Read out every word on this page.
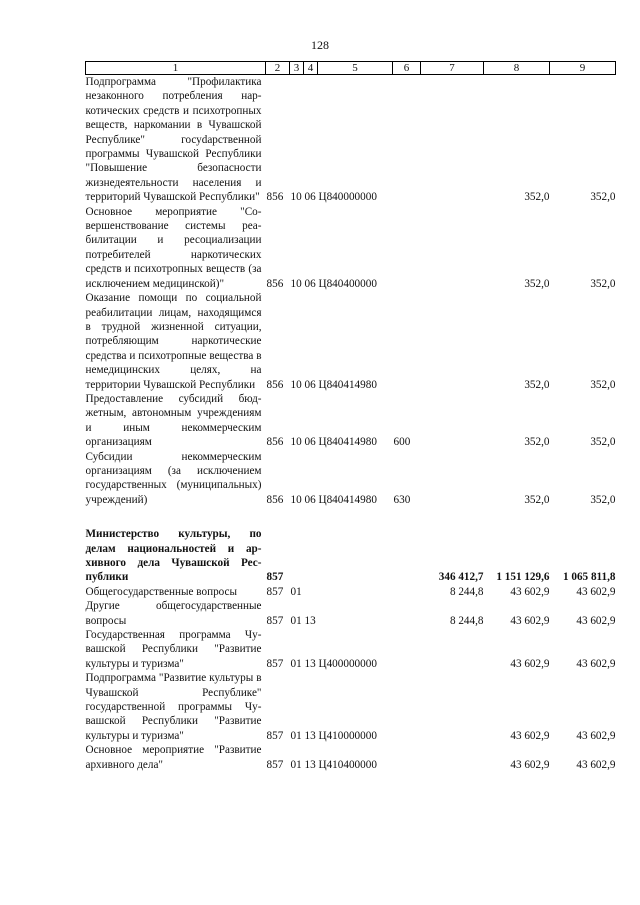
128
1	2	3	4	5	6	7	8	9
Подпрограмма "Профилактика незаконного потребления наркотических средств и психотропных веществ, наркомании в Чувашской Республике" госуdарственной программы Чувашской Республики "Повышение безопасности жизнедеятельности населения и территорий Чувашской Республики"	856	10	06	Ц840000000			352,0	352,0
Основное мероприятие "Совершенствование системы реабилитации и ресоциализации потребителей наркотических средств и психотропных веществ (за исключением медицинской)"	856	10	06	Ц840400000			352,0	352,0
Оказание помощи по социальной реабилитации лицам, находящимся в трудной жизненной ситуации, потребляющим наркотические средства и психотропные вещества в немедицинских целях, на территории Чувашской Республики	856	10	06	Ц840414980			352,0	352,0
Предоставление субсидий бюджетным, автономным учреждениям и иным некоммерческим организациям	856	10	06	Ц840414980	600		352,0	352,0
Субсидии некоммерческим организациям (за исключением государственных (муниципальных) учреждений)	856	10	06	Ц840414980	630		352,0	352,0

Министерство культуры, по делам национальностей и архивного дела Чувашской Республики	857					346 412,7	1 151 129,6	1 065 811,8
Общегосударственные вопросы	857	01				8 244,8	43 602,9	43 602,9
Другие общегосударственные вопросы	857	01	13			8 244,8	43 602,9	43 602,9
Государственная программа Чувашской Республики "Развитие культуры и туризма"	857	01	13	Ц400000000			43 602,9	43 602,9
Подпрограмма "Развитие культуры в Чувашской Республике" государственной программы Чувашской Республики "Развитие культуры и туризма"	857	01	13	Ц410000000			43 602,9	43 602,9
Основное мероприятие "Развитие архивного дела"	857	01	13	Ц410400000			43 602,9	43 602,9
